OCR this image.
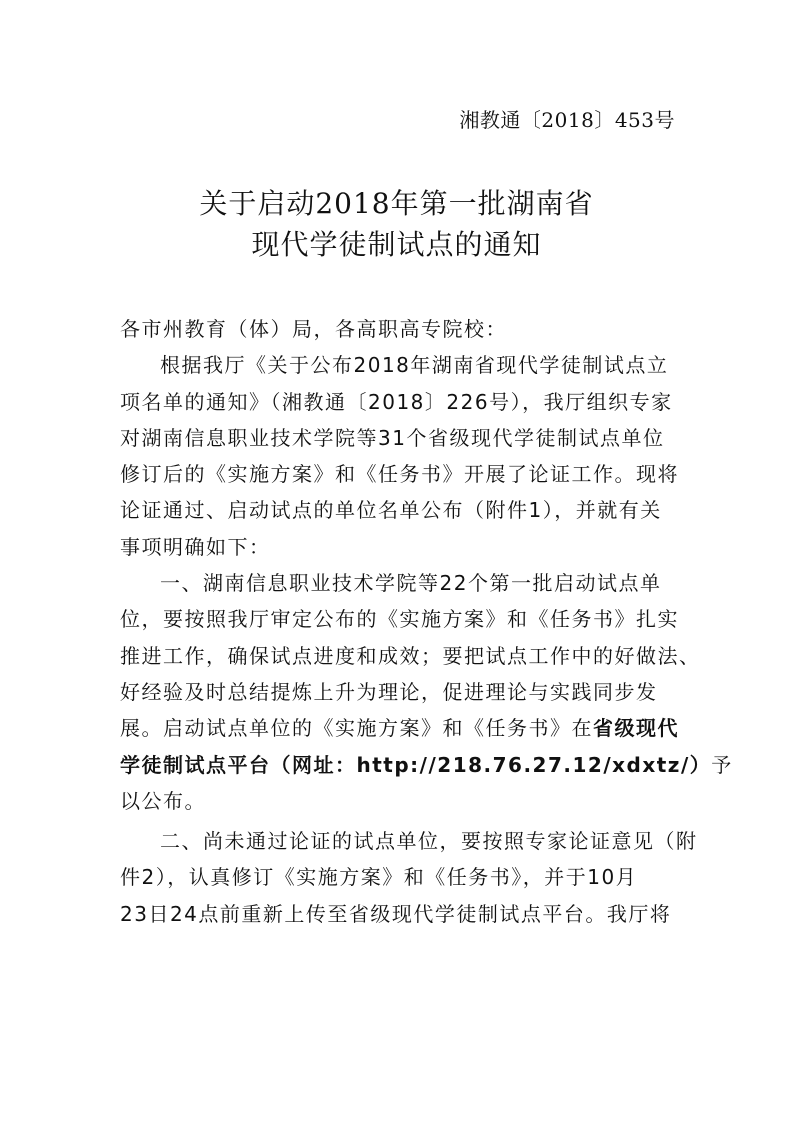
湘教通〔2018〕453号
关于启动2018年第一批湖南省
现代学徒制试点的通知
各市州教育（体）局，各高职高专院校：
根据我厅《关于公布2018年湖南省现代学徒制试点立
项名单的通知》（湘教通〔2018〕226号），我厅组织专家
对湖南信息职业技术学院等31个省级现代学徒制试点单位
修订后的《实施方案》和《任务书》开展了论证工作。现将
论证通过、启动试点的单位名单公布（附件1），并就有关
事项明确如下：
一、湖南信息职业技术学院等22个第一批启动试点单
位，要按照我厅审定公布的《实施方案》和《任务书》扎实
推进工作，确保试点进度和成效；要把试点工作中的好做法、
好经验及时总结提炼上升为理论，促进理论与实践同步发
展。启动试点单位的《实施方案》和《任务书》在省级现代
学徒制试点平台（网址：http://218.76.27.12/xdxtz/）予
以公布。
二、尚未通过论证的试点单位，要按照专家论证意见（附
件2），认真修订《实施方案》和《任务书》，并于10月
23日24点前重新上传至省级现代学徒制试点平台。我厅将
